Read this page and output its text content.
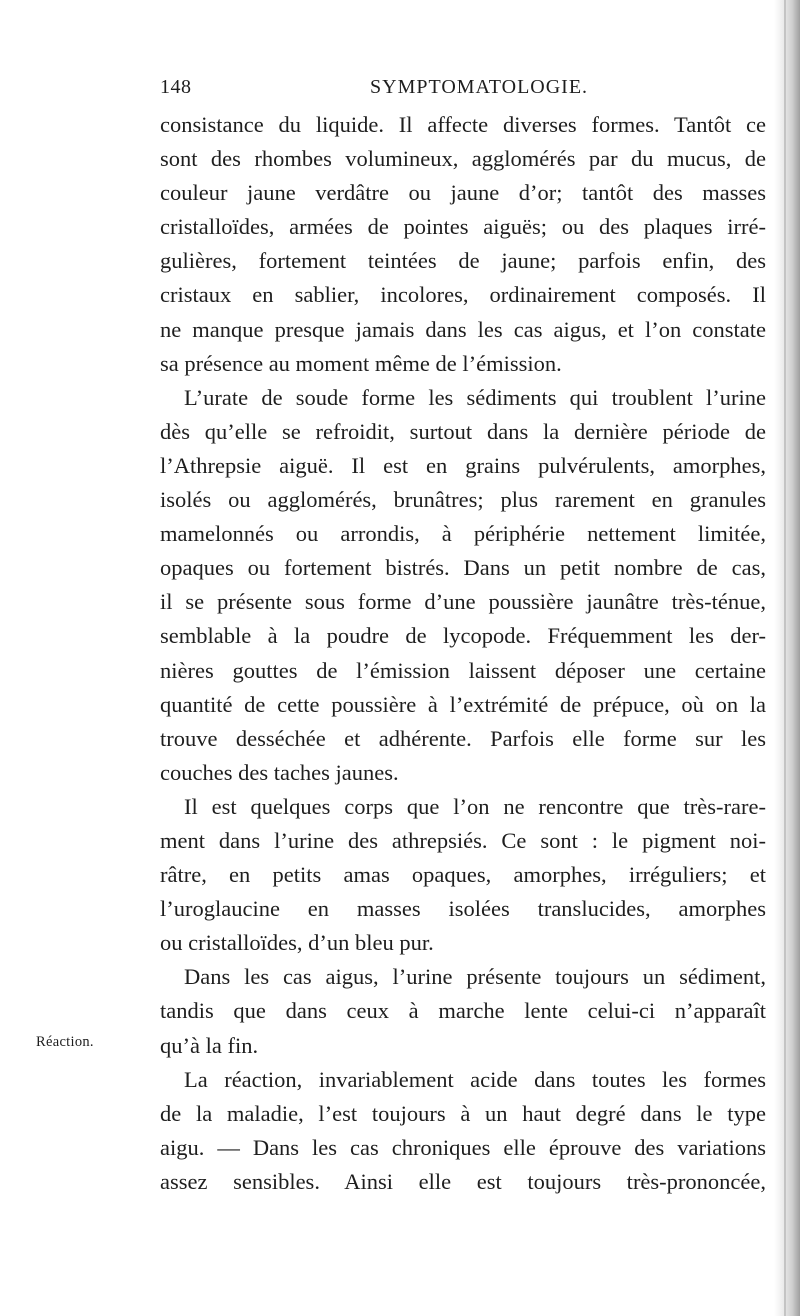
148	SYMPTOMATOLOGIE.
Réaction.
consistance du liquide. Il affecte diverses formes. Tantôt ce
sont des rhombes volumineux, agglomérés par du mucus, de
couleur jaune verdâtre ou jaune d’or; tantôt des masses
cristalloïdes, armées de pointes aiguës; ou des plaques irré-
gulières, fortement teintées de jaune; parfois enfin, des
cristaux en sablier, incolores, ordinairement composés. Il
ne manque presque jamais dans les cas aigus, et l’on constate
sa présence au moment même de l’émission.
L’urate de soude forme les sédiments qui troublent l’urine
dès qu’elle se refroidit, surtout dans la dernière période de
l’Athrepsie aiguë. Il est en grains pulvérulents, amorphes,
isolés ou agglomérés, brunâtres; plus rarement en granules
mamelonnés ou arrondis, à périphérie nettement limitée,
opaques ou fortement bistrés. Dans un petit nombre de cas,
il se présente sous forme d’une poussière jaunâtre très-ténue,
semblable à la poudre de lycopode. Fréquemment les der-
nières gouttes de l’émission laissent déposer une certaine
quantité de cette poussière à l’extrémité de prépuce, où on la
trouve desséchée et adhérente. Parfois elle forme sur les
couches des taches jaunes.
Il est quelques corps que l’on ne rencontre que très-rare-
ment dans l’urine des athrepsiés. Ce sont : le pigment noi-
râtre, en petits amas opaques, amorphes, irréguliers; et
l’uroglaucine en masses isolées translucides, amorphes
ou cristalloïdes, d’un bleu pur.
Dans les cas aigus, l’urine présente toujours un sédiment,
tandis que dans ceux à marche lente celui-ci n’apparaît
qu’à la fin.
La réaction, invariablement acide dans toutes les formes
de la maladie, l’est toujours à un haut degré dans le type
aigu. — Dans les cas chroniques elle éprouve des variations
assez sensibles. Ainsi elle est toujours très-prononcée,
